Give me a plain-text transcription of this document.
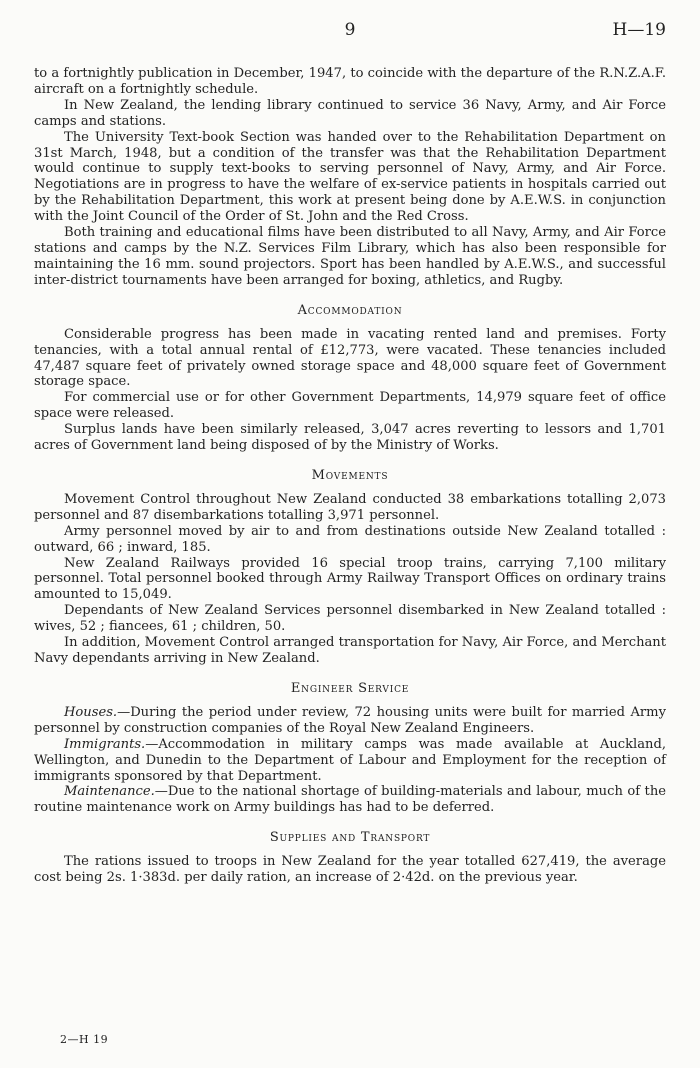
9	H—19

to a fortnightly publication in December, 1947, to coincide with the departure of the R.N.Z.A.F. aircraft on a fortnightly schedule.

In New Zealand, the lending library continued to service 36 Navy, Army, and Air Force camps and stations.

The University Text-book Section was handed over to the Rehabilitation Department on 31st March, 1948, but a condition of the transfer was that the Rehabilitation Department would continue to supply text-books to serving personnel of Navy, Army, and Air Force. Negotiations are in progress to have the welfare of ex-service patients in hospitals carried out by the Rehabilitation Department, this work at present being done by A.E.W.S. in conjunction with the Joint Council of the Order of St. John and the Red Cross.

Both training and educational films have been distributed to all Navy, Army, and Air Force stations and camps by the N.Z. Services Film Library, which has also been responsible for maintaining the 16 mm. sound projectors. Sport has been handled by A.E.W.S., and successful inter-district tournaments have been arranged for boxing, athletics, and Rugby.

Accommodation

Considerable progress has been made in vacating rented land and premises. Forty tenancies, with a total annual rental of £12,773, were vacated. These tenancies included 47,487 square feet of privately owned storage space and 48,000 square feet of Government storage space.

For commercial use or for other Government Departments, 14,979 square feet of office space were released.

Surplus lands have been similarly released, 3,047 acres reverting to lessors and 1,701 acres of Government land being disposed of by the Ministry of Works.

Movements

Movement Control throughout New Zealand conducted 38 embarkations totalling 2,073 personnel and 87 disembarkations totalling 3,971 personnel.

Army personnel moved by air to and from destinations outside New Zealand totalled : outward, 66 ; inward, 185.

New Zealand Railways provided 16 special troop trains, carrying 7,100 military personnel. Total personnel booked through Army Railway Transport Offices on ordinary trains amounted to 15,049.

Dependants of New Zealand Services personnel disembarked in New Zealand totalled : wives, 52 ; fiancees, 61 ; children, 50.

In addition, Movement Control arranged transportation for Navy, Air Force, and Merchant Navy dependants arriving in New Zealand.

Engineer Service

Houses.—During the period under review, 72 housing units were built for married Army personnel by construction companies of the Royal New Zealand Engineers.

Immigrants.—Accommodation in military camps was made available at Auckland, Wellington, and Dunedin to the Department of Labour and Employment for the reception of immigrants sponsored by that Department.

Maintenance.—Due to the national shortage of building-materials and labour, much of the routine maintenance work on Army buildings has had to be deferred.

Supplies and Transport

The rations issued to troops in New Zealand for the year totalled 627,419, the average cost being 2s. 1·383d. per daily ration, an increase of 2·42d. on the previous year.

2—H 19
